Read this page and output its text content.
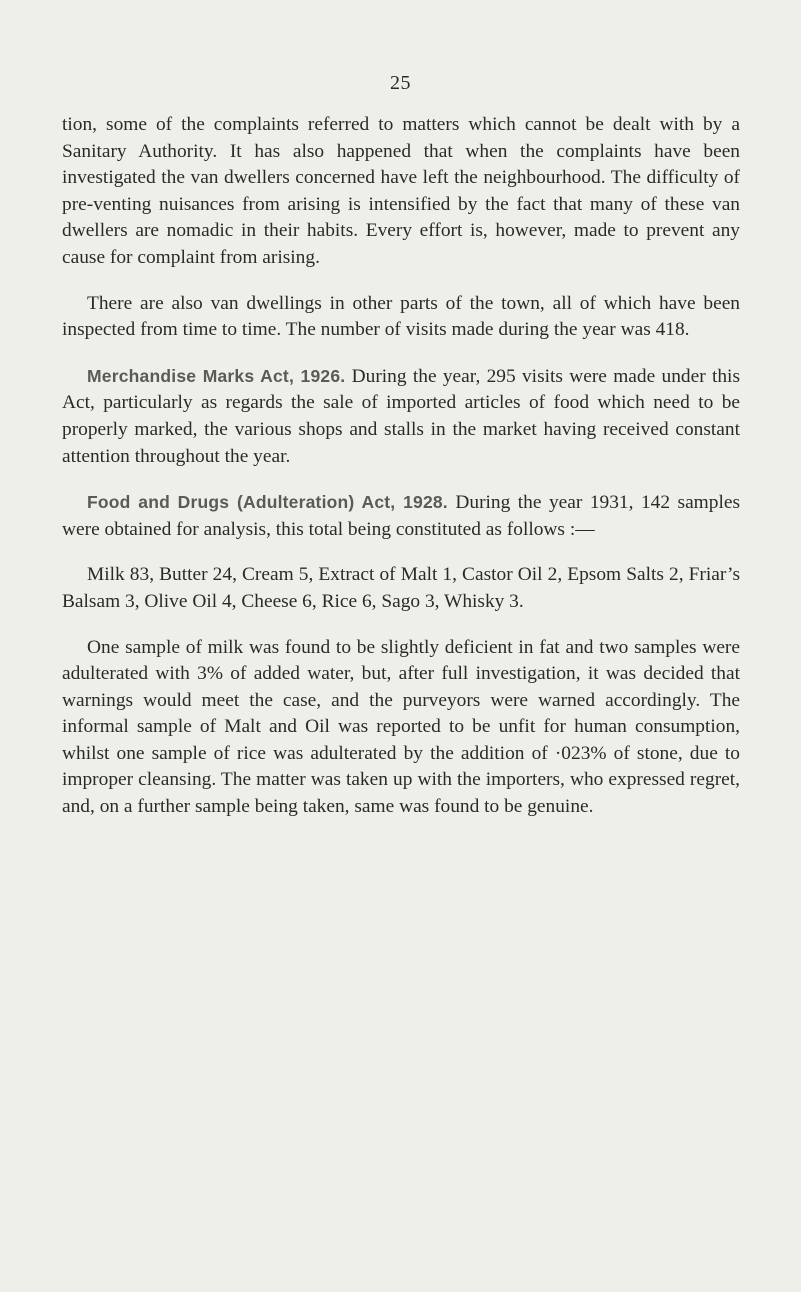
25

tion, some of the complaints referred to matters which cannot be dealt with by a Sanitary Authority. It has also happened that when the complaints have been investigated the van dwellers concerned have left the neighbourhood. The difficulty of pre-venting nuisances from arising is intensified by the fact that many of these van dwellers are nomadic in their habits. Every effort is, however, made to prevent any cause for complaint from arising.

There are also van dwellings in other parts of the town, all of which have been inspected from time to time. The number of visits made during the year was 418.

Merchandise Marks Act, 1926. During the year, 295 visits were made under this Act, particularly as regards the sale of imported articles of food which need to be properly marked, the various shops and stalls in the market having received constant attention throughout the year.

Food and Drugs (Adulteration) Act, 1928. During the year 1931, 142 samples were obtained for analysis, this total being constituted as follows :—

Milk 83, Butter 24, Cream 5, Extract of Malt 1, Castor Oil 2, Epsom Salts 2, Friar’s Balsam 3, Olive Oil 4, Cheese 6, Rice 6, Sago 3, Whisky 3.

One sample of milk was found to be slightly deficient in fat and two samples were adulterated with 3% of added water, but, after full investigation, it was decided that warnings would meet the case, and the purveyors were warned accordingly. The informal sample of Malt and Oil was reported to be unfit for human consumption, whilst one sample of rice was adulterated by the addition of ·023% of stone, due to improper cleansing. The matter was taken up with the importers, who expressed regret, and, on a further sample being taken, same was found to be genuine.
